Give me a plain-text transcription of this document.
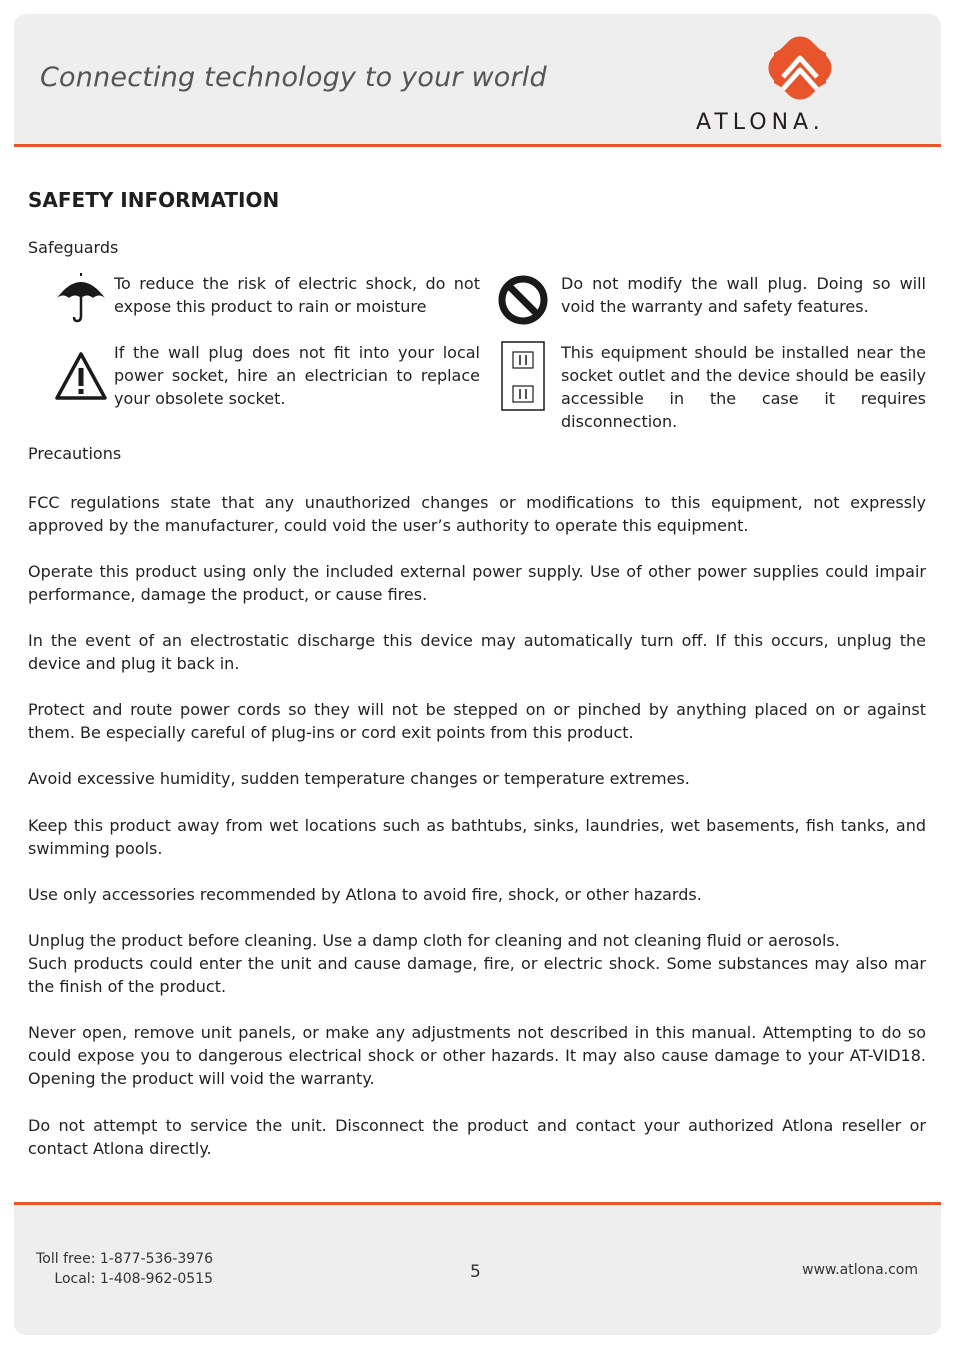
Connecting technology to your world
ATLONA.
SAFETY INFORMATION
Safeguards
To reduce the risk of electric shock, do not expose this product to rain or moisture
Do not modify the wall plug. Doing so will void the warranty and safety features.
If the wall plug does not fit into your local power socket, hire an electrician to replace your obsolete socket.
This equipment should be installed near the socket outlet and the device should be easily accessible in the case it requires disconnection.
Precautions

FCC regulations state that any unauthorized changes or modifications to this equipment, not expressly approved by the manufacturer, could void the user’s authority to operate this equipment.

Operate this product using only the included external power supply. Use of other power supplies could impair performance, damage the product, or cause fires.

In the event of an electrostatic discharge this device may automatically turn off. If this occurs, unplug the device and plug it back in.

Protect and route power cords so they will not be stepped on or pinched by anything placed on or against them. Be especially careful of plug-ins or cord exit points from this product.

Avoid excessive humidity, sudden temperature changes or temperature extremes.

Keep this product away from wet locations such as bathtubs, sinks, laundries, wet basements, fish tanks, and swimming pools.

Use only accessories recommended by Atlona to avoid fire, shock, or other hazards.

Unplug the product before cleaning. Use a damp cloth for cleaning and not cleaning fluid or aerosols.

Such products could enter the unit and cause damage, fire, or electric shock. Some substances may also mar the finish of the product.

Never open, remove unit panels, or make any adjustments not described in this manual. Attempting to do so could expose you to dangerous electrical shock or other hazards. It may also cause damage to your AT-VID18. Opening the product will void the warranty.

Do not attempt to service the unit. Disconnect the product and contact your authorized Atlona reseller or contact Atlona directly.

Toll free: 1-877-536-3976
Local: 1-408-962-0515	5	www.atlona.com
